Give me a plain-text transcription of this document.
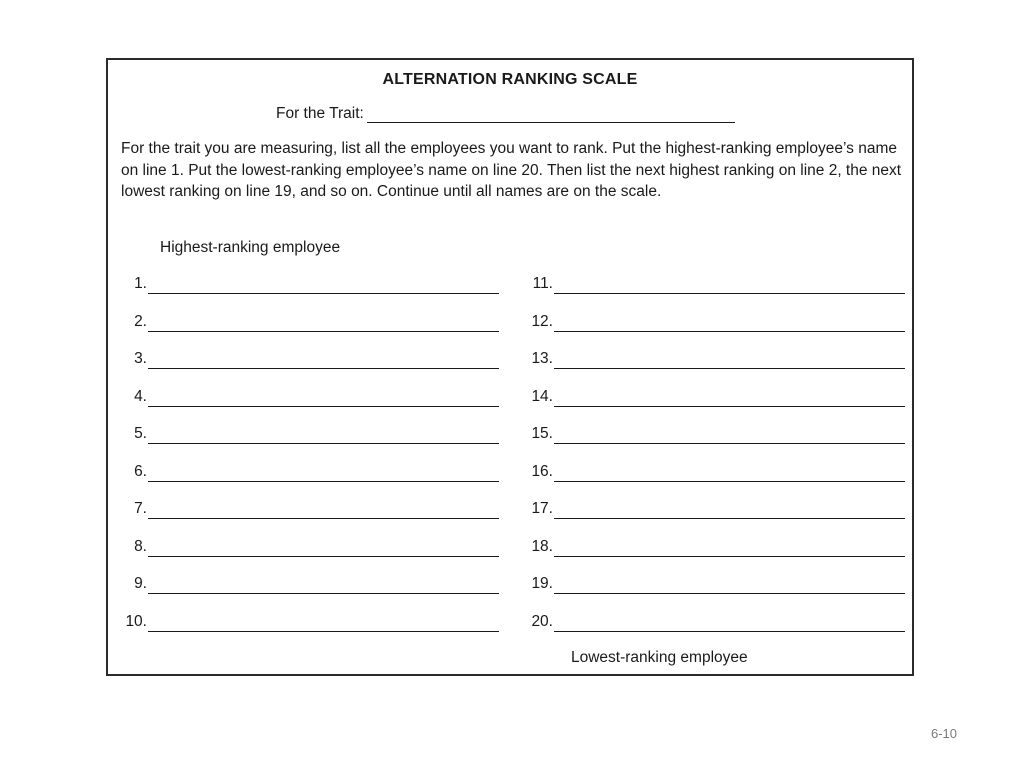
ALTERNATION RANKING SCALE
For the Trait:

For the trait you are measuring, list all the employees you want to rank. Put the highest-ranking employee’s name on line 1. Put the lowest-ranking employee’s name on line 20. Then list the next highest ranking on line 2, the next lowest ranking on line 19, and so on. Continue until all names are on the scale.

Highest-ranking employee
1.
2.
3.
4.
5.
6.
7.
8.
9.
10.
11.
12.
13.
14.
15.
16.
17.
18.
19.
20.
Lowest-ranking employee
6-10
